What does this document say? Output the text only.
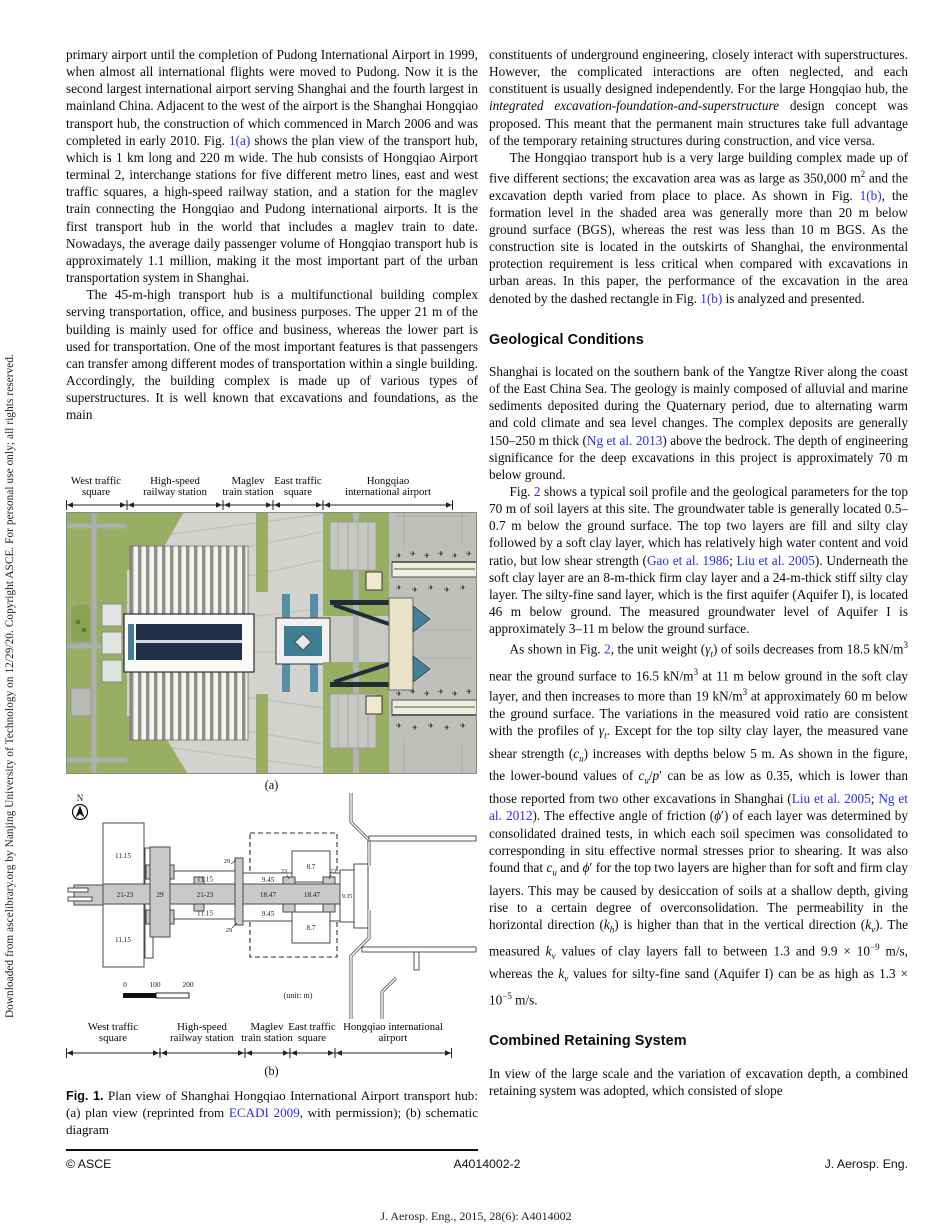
Downloaded from ascelibrary.org by Nanjing University of Technology on 12/29/20. Copyright ASCE. For personal use only; all rights reserved.

primary airport until the completion of Pudong International Airport in 1999, when almost all international flights were moved to Pudong. Now it is the second largest international airport serving Shanghai and the fourth largest in mainland China. Adjacent to the west of the airport is the Shanghai Hongqiao transport hub, the construction of which commenced in March 2006 and was completed in early 2010. Fig. 1(a) shows the plan view of the transport hub, which is 1 km long and 220 m wide. The hub consists of Hongqiao Airport terminal 2, interchange stations for five different metro lines, east and west traffic squares, a high-speed railway station, and a station for the maglev train connecting the Hongqiao and Pudong international airports. It is the first transport hub in the world that includes a maglev train to date. Nowadays, the average daily passenger volume of Hongqiao transport hub is approximately 1.1 million, making it the most important part of the urban transportation system in Shanghai.

The 45-m-high transport hub is a multifunctional building complex serving transportation, office, and business purposes. The upper 21 m of the building is mainly used for office and business, whereas the lower part is used for transportation. One of the most important features is that passengers can transfer among different modes of transportation within a single building. Accordingly, the building complex is made up of various types of superstructures. It is well known that excavations and foundations, as the main

constituents of underground engineering, closely interact with superstructures. However, the complicated interactions are often neglected, and each constituent is usually designed independently. For the large Hongqiao hub, the integrated excavation-foundation-and-superstructure design concept was proposed. This meant that the permanent main structures take full advantage of the temporary retaining structures during construction, and vice versa.

The Hongqiao transport hub is a very large building complex made up of five different sections; the excavation area was as large as 350,000 $m^2$ and the excavation depth varied from place to place. As shown in Fig. 1(b), the formation level in the shaded area was generally more than 20 m below ground surface (BGS), whereas the rest was less than 10 m BGS. As the construction site is located in the outskirts of Shanghai, the environmental protection requirement is less critical when compared with excavations in urban areas. In this paper, the performance of the excavation in the area denoted by the dashed rectangle in Fig. 1(b) is analyzed and presented.

Geological Conditions

Shanghai is located on the southern bank of the Yangtze River along the coast of the East China Sea. The geology is mainly composed of alluvial and marine sediments deposited during the Quaternary period, due to alternating warm and cold climate and sea level changes. The complex deposits are generally 150–250 m thick (Ng et al. 2013) above the bedrock. The depth of engineering significance for the deep excavations in this project is approximately 70 m below ground.

Fig. 2 shows a typical soil profile and the geological parameters for the top 70 m of soil layers at this site. The groundwater table is generally located 0.5–0.7 m below the ground surface. The top two layers are fill and silty clay followed by a soft clay layer, which has relatively high water content and void ratio, but low shear strength (Gao et al. 1986; Liu et al. 2005). Underneath the soft clay layer are an 8-m-thick firm clay layer and a 24-m-thick stiff silty clay layer. The silty-fine sand layer, which is the first aquifer (Aquifer I), is located 46 m below ground. The measured groundwater level of Aquifer I is approximately 3–11 m below the ground surface.

As shown in Fig. 2, the unit weight $(\gamma_t)$ of soils decreases from 18.5 $kN/m^3$ near the ground surface to 16.5 $kN/m^3$ at 11 m below ground in the soft clay layer, and then increases to more than 19 $kN/m^3$ at approximately 60 m below the ground surface. The variations in the measured void ratio are consistent with the profiles of $\gamma_t$. Except for the top silty clay layer, the measured vane shear strength $(c_u)$ increases with depths below 5 m. As shown in the figure, the lower-bound values of $c_u/p'$ can be as low as 0.35, which is lower than those reported from two other excavations in Shanghai (Liu et al. 2005; Ng et al. 2012). The effective angle of friction (ϕ′) of each layer was determined by consolidated drained tests, in which each soil specimen was consolidated to corresponding in situ effective normal stresses prior to shearing. It was also found that $c_u$ and ϕ′ for the top two layers are higher than for soft and firm clay layers. This may be caused by desiccation of soils at a shallow depth, giving rise to a certain degree of overconsolidation. The permeability in the horizontal direction $(k_h)$ is higher than that in the vertical direction $(k_v)$. The measured $k_v$ values of clay layers fall to between 1.3 and $9.9 \times 10^{-9}$ m/s, whereas the $k_v$ values for silty-fine sand (Aquifer I) can be as high as $1.3 \times 10^{-5}$ m/s.

Combined Retaining System

In view of the large scale and the variation of excavation depth, a combined retaining system was adopted, which consisted of slope

West traffic
square
High-speed
railway station
Maglev
train station
East traffic
square
Hongqiao
international airport
✈ ✈ ✈ ✈ ✈ ✈
✈ ✈ ✈ ✈ ✈
✈ ✈ ✈ ✈ ✈ ✈
✈ ✈ ✈ ✈ ✈
(a)
N
11.15
11.15
21-23	29
11.15
21-23
11.15
29
29
9.45
18.47	18.47
9.45
23	23
8.7
8.7
9.35
0	100	200
(unit: m)
West traffic
square
High-speed
railway station
Maglev
train station
East traffic
square
Hongqiao international
airport
(b)
Fig. 1. Plan view of Shanghai Hongqiao International Airport transport hub: (a) plan view (reprinted from ECADI 2009, with permission); (b) schematic diagram
© ASCE	A4014002-2	J. Aerosp. Eng.
J. Aerosp. Eng., 2015, 28(6): A4014002
